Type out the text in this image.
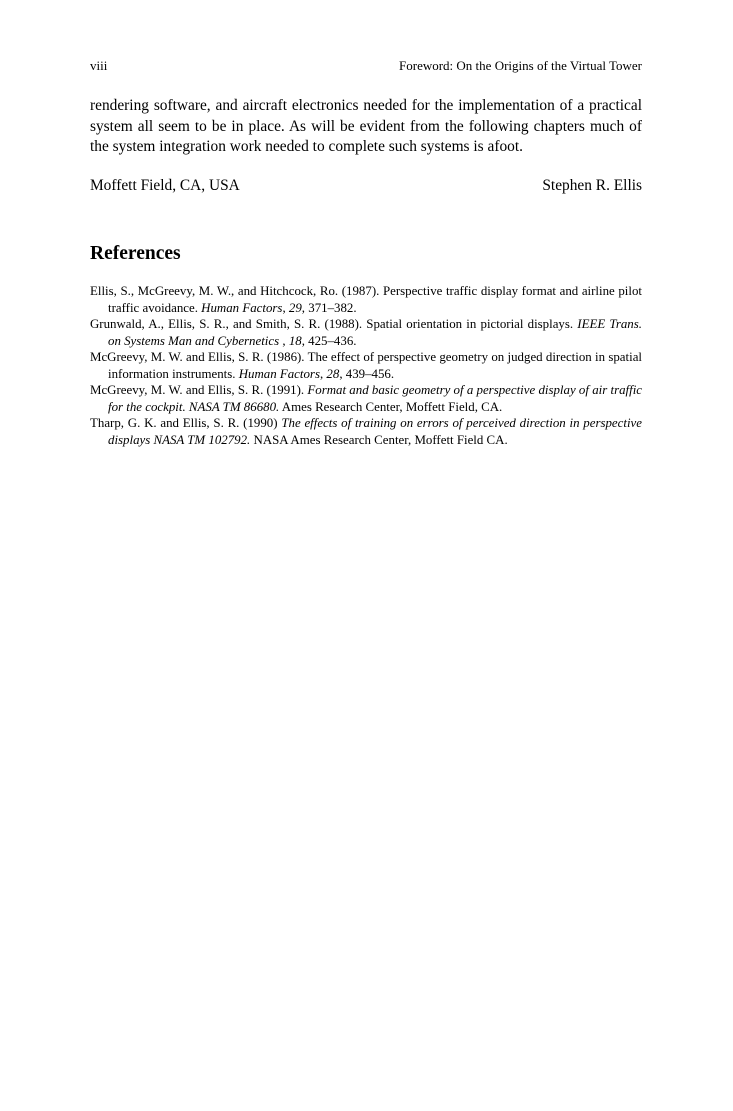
viii	Foreword: On the Origins of the Virtual Tower

rendering software, and aircraft electronics needed for the implementation of a practical system all seem to be in place. As will be evident from the following chapters much of the system integration work needed to complete such systems is afoot.

Moffett Field, CA, USA	Stephen R. Ellis
References
Ellis, S., McGreevy, M. W., and Hitchcock, Ro. (1987). Perspective traffic display format and airline pilot traffic avoidance. Human Factors, 29, 371–382.
Grunwald, A., Ellis, S. R., and Smith, S. R. (1988). Spatial orientation in pictorial displays. IEEE Trans. on Systems Man and Cybernetics , 18, 425–436.
McGreevy, M. W. and Ellis, S. R. (1986). The effect of perspective geometry on judged direction in spatial information instruments. Human Factors, 28, 439–456.
McGreevy, M. W. and Ellis, S. R. (1991). Format and basic geometry of a perspective display of air traffic for the cockpit. NASA TM 86680. Ames Research Center, Moffett Field, CA.
Tharp, G. K. and Ellis, S. R. (1990) The effects of training on errors of perceived direction in perspective displays NASA TM 102792. NASA Ames Research Center, Moffett Field CA.
